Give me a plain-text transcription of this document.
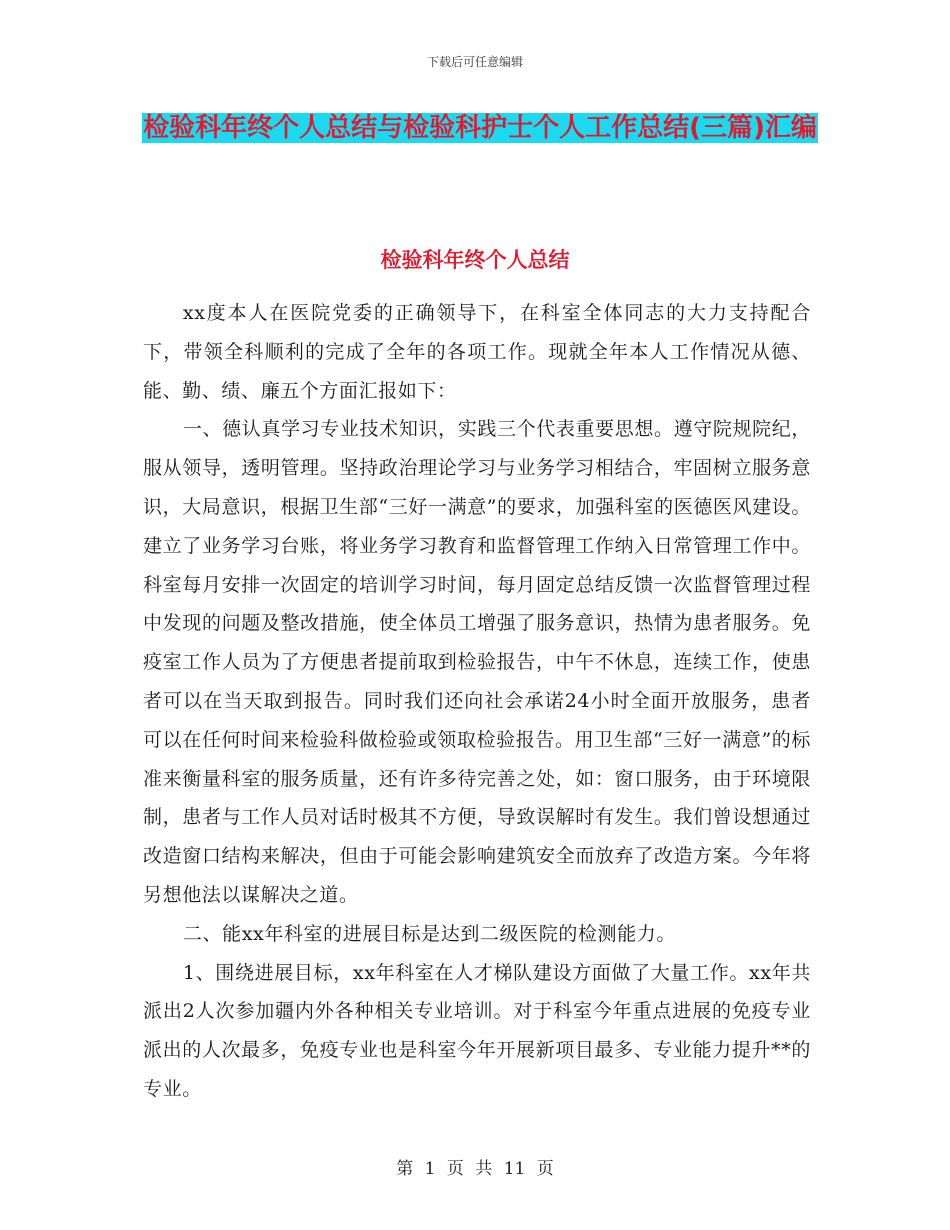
下载后可任意编辑
检验科年终个人总结与检验科护士个人工作总结(三篇)汇编
检验科年终个人总结

xx度本人在医院党委的正确领导下，在科室全体同志的大力支持配合下，带领全科顺利的完成了全年的各项工作。现就全年本人工作情况从德、能、勤、绩、廉五个方面汇报如下：

一、德认真学习专业技术知识，实践三个代表重要思想。遵守院规院纪，服从领导，透明管理。坚持政治理论学习与业务学习相结合，牢固树立服务意识，大局意识，根据卫生部“三好一满意”的要求，加强科室的医德医风建设。建立了业务学习台账，将业务学习教育和监督管理工作纳入日常管理工作中。科室每月安排一次固定的培训学习时间，每月固定总结反馈一次监督管理过程中发现的问题及整改措施，使全体员工增强了服务意识，热情为患者服务。免疫室工作人员为了方便患者提前取到检验报告，中午不休息，连续工作，使患者可以在当天取到报告。同时我们还向社会承诺24小时全面开放服务，患者可以在任何时间来检验科做检验或领取检验报告。用卫生部“三好一满意”的标准来衡量科室的服务质量，还有许多待完善之处，如：窗口服务，由于环境限制，患者与工作人员对话时极其不方便，导致误解时有发生。我们曾设想通过改造窗口结构来解决，但由于可能会影响建筑安全而放弃了改造方案。今年将另想他法以谋解决之道。

二、能xx年科室的进展目标是达到二级医院的检测能力。

1、围绕进展目标，xx年科室在人才梯队建设方面做了大量工作。xx年共派出2人次参加疆内外各种相关专业培训。对于科室今年重点进展的免疫专业派出的人次最多，免疫专业也是科室今年开展新项目最多、专业能力提升**的专业。

第 1 页 共 11 页
